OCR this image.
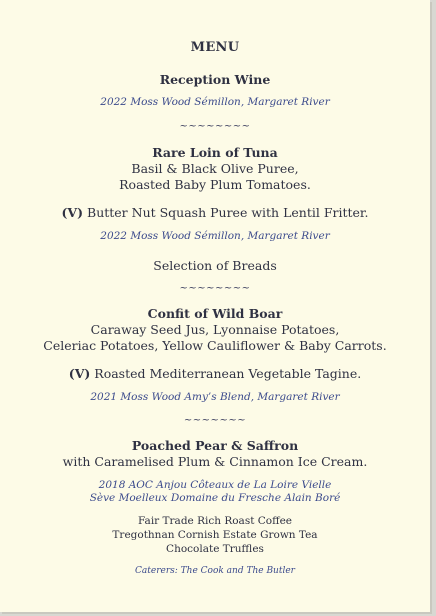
MENU
Reception Wine
2022 Moss Wood Sémillon, Margaret River
~~~~~~~~
Rare Loin of Tuna
Basil & Black Olive Puree,
Roasted Baby Plum Tomatoes.
(V) Butter Nut Squash Puree with Lentil Fritter.
2022 Moss Wood Sémillon, Margaret River
Selection of Breads
~~~~~~~~
Confit of Wild Boar
Caraway Seed Jus, Lyonnaise Potatoes,
Celeriac Potatoes, Yellow Cauliflower & Baby Carrots.
(V) Roasted Mediterranean Vegetable Tagine.
2021 Moss Wood Amy’s Blend, Margaret River
~~~~~~~
Poached Pear & Saffron
with Caramelised Plum & Cinnamon Ice Cream.
2018 AOC Anjou Côteaux de La Loire Vielle
Sève Moelleux Domaine du Fresche Alain Boré
Fair Trade Rich Roast Coffee
Tregothnan Cornish Estate Grown Tea
Chocolate Truffles
Caterers: The Cook and The Butler
